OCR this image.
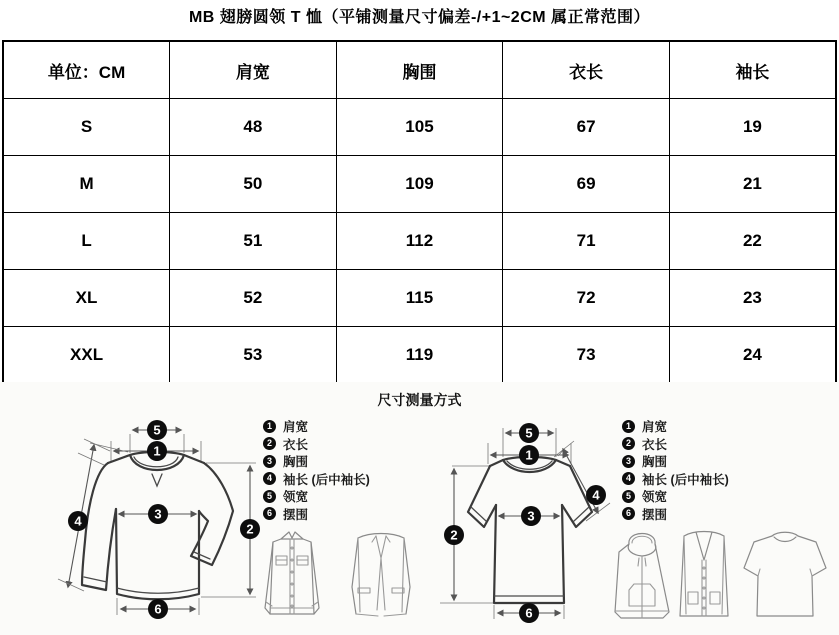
MB 翅膀圆领 T 恤（平铺测量尺寸偏差-/+1~2CM 属正常范围）
单位：CM	肩宽	胸围	衣长	袖长
S	48	105	67	19
M	50	109	69	21
L	51	112	71	22
XL	52	115	72	23
XXL	53	119	73	24
尺寸测量方式
5
1
3
4
2
6
1 肩宽
2 衣长
3 胸围
4 袖长 (后中袖长)
5 领宽
6 摆围
5
1
4
3
2
6
1 肩宽
2 衣长
3 胸围
4 袖长 (后中袖长)
5 领宽
6 摆围
